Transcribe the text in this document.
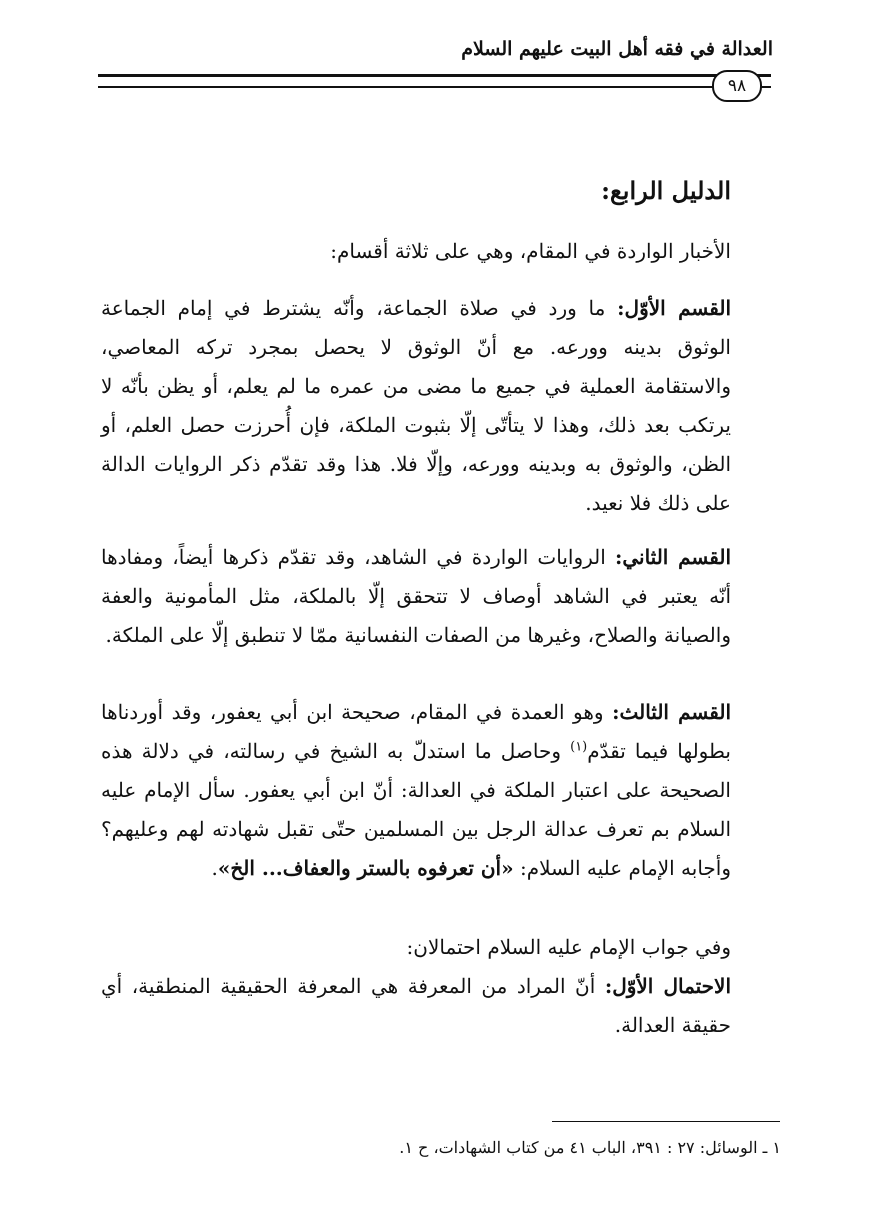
العدالة في فقه أهل البيت عليهم السلام
٩٨
الدليل الرابع:
الأخبار الواردة في المقام، وهي على ثلاثة أقسام:
القسم الأوّل: ما ورد في صلاة الجماعة، وأنّه يشترط في إمام الجماعة الوثوق بدينه وورعه. مع أنّ الوثوق لا يحصل بمجرد تركه المعاصي، والاستقامة العملية في جميع ما مضى من عمره ما لم يعلم، أو يظن بأنّه لا يرتكب بعد ذلك، وهذا لا يتأتّى إلّا بثبوت الملكة، فإن أُحرزت حصل العلم، أو الظن، والوثوق به وبدينه وورعه، وإلّا فلا. هذا وقد تقدّم ذكر الروايات الدالة على ذلك فلا نعيد.
القسم الثاني: الروايات الواردة في الشاهد، وقد تقدّم ذكرها أيضاً، ومفادها أنّه يعتبر في الشاهد أوصاف لا تتحقق إلّا بالملكة، مثل المأمونية والعفة والصيانة والصلاح، وغيرها من الصفات النفسانية ممّا لا تنطبق إلّا على الملكة.
القسم الثالث: وهو العمدة في المقام، صحيحة ابن أبي يعفور، وقد أوردناها بطولها فيما تقدّم$^{(١)}$ وحاصل ما استدلّ به الشيخ في رسالته، في دلالة هذه الصحيحة على اعتبار الملكة في العدالة: أنّ ابن أبي يعفور. سأل الإمام عليه السلام بم تعرف عدالة الرجل بين المسلمين حتّى تقبل شهادته لهم وعليهم؟ وأجابه الإمام عليه السلام: «أن تعرفوه بالستر والعفاف... الخ».
وفي جواب الإمام عليه السلام احتمالان:
الاحتمال الأوّل: أنّ المراد من المعرفة هي المعرفة الحقيقية المنطقية، أي حقيقة العدالة.
١ ـ الوسائل: ٢٧ : ٣٩١، الباب ٤١ من كتاب الشهادات، ح ١.
